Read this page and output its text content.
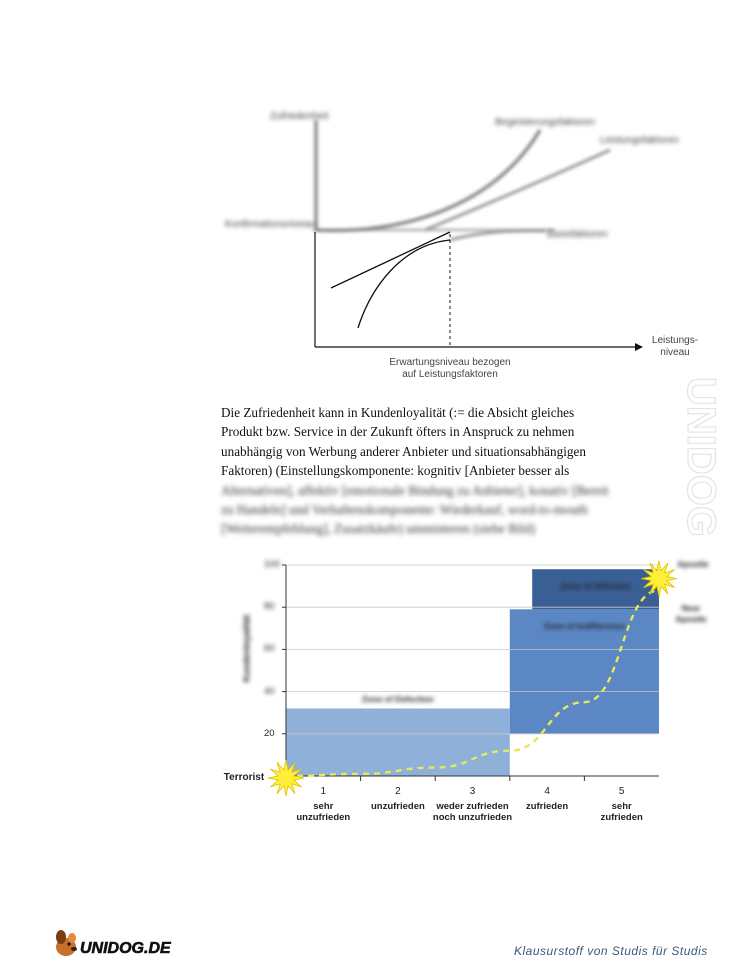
Zufriedenheit
Konfirmationsniveau
Begeisterungsfaktoren
Leistungsfaktoren
Basisfaktoren
Leistungs-
niveau
Erwartungsniveau bezogen
auf Leistungsfaktoren
UNIDOG
Die Zufriedenheit kann in Kundenloyalität (:= die Absicht gleiches
Produkt bzw. Service in der Zukunft öfters in Anspruck zu nehmen
unabhängig von Werbung anderer Anbieter und situationsabhängigen
Faktoren) (Einstellungskomponente: kognitiv [Anbieter besser als
Alternativen], affektiv [emotionale Bindung zu Anbieter], konativ [Bereit
zu Handeln] und Verhaltenskomponente: Wiederkauf, word-to-mouth
[Weiterempfehlung], Zusatzkäufe) umminteren (siehe Bild)
Zone of Defection
Zone of Indifference
Zone of Affection
100
80
60
40
20
1
sehr
unzufrieden
2
unzufrieden
3
weder zufrieden
noch unzufrieden
4
zufrieden
5
sehr
zufrieden
Terrorist
Apostle
Near
Apostle
Kundenloyalität
UNIDOG.DE	Klausurstoff von Studis für Studis
